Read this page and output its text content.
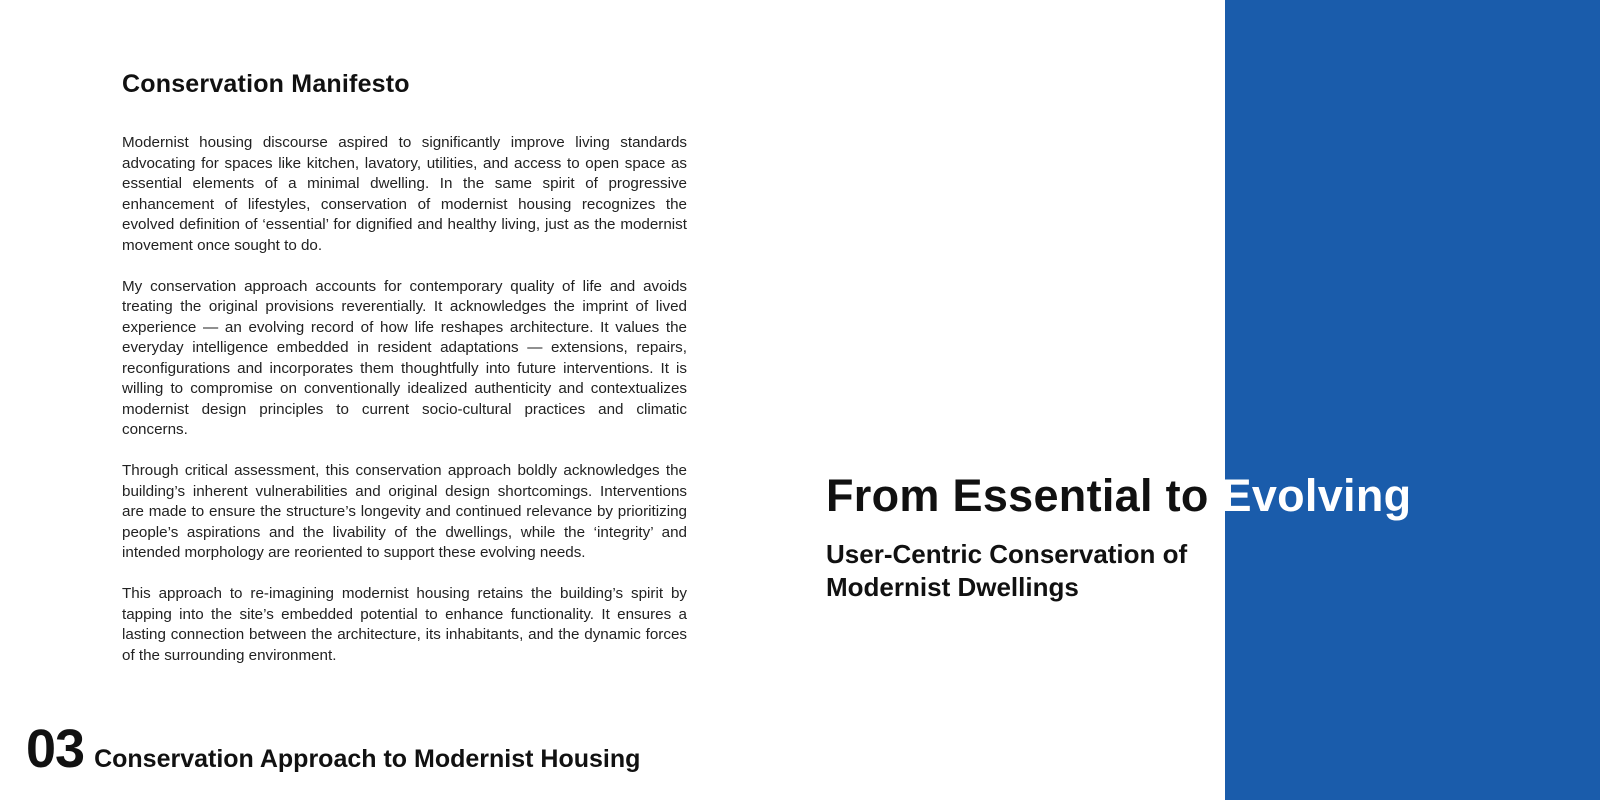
Conservation Manifesto

Modernist housing discourse aspired to significantly improve living standards advocating for spaces like kitchen, lavatory, utilities, and access to open space as essential elements of a minimal dwelling. In the same spirit of progressive enhancement of lifestyles, conservation of modernist housing recognizes the evolved definition of ‘essential’ for dignified and healthy living, just as the modernist movement once sought to do.

My conservation approach accounts for contemporary quality of life and avoids treating the original provisions reverentially. It acknowledges the imprint of lived experience — an evolving record of how life reshapes architecture. It values the everyday intelligence embedded in resident adaptations — extensions, repairs, reconfigurations and incorporates them thoughtfully into future interventions. It is willing to compromise on conventionally idealized authenticity and contextualizes modernist design principles to current socio-cultural practices and climatic concerns.

Through critical assessment, this conservation approach boldly acknowledges the building’s inherent vulnerabilities and original design shortcomings. Interventions are made to ensure the structure’s longevity and continued relevance by prioritizing people’s aspirations and the livability of the dwellings, while the ‘integrity’ and intended morphology are reoriented to support these evolving needs.

This approach to re-imagining modernist housing retains the building’s spirit by tapping into the site’s embedded potential to enhance functionality. It ensures a lasting connection between the architecture, its inhabitants, and the dynamic forces of the surrounding environment.

From Essential to Evolving
User-Centric Conservation of
Modernist Dwellings
03 Conservation Approach to Modernist Housing
